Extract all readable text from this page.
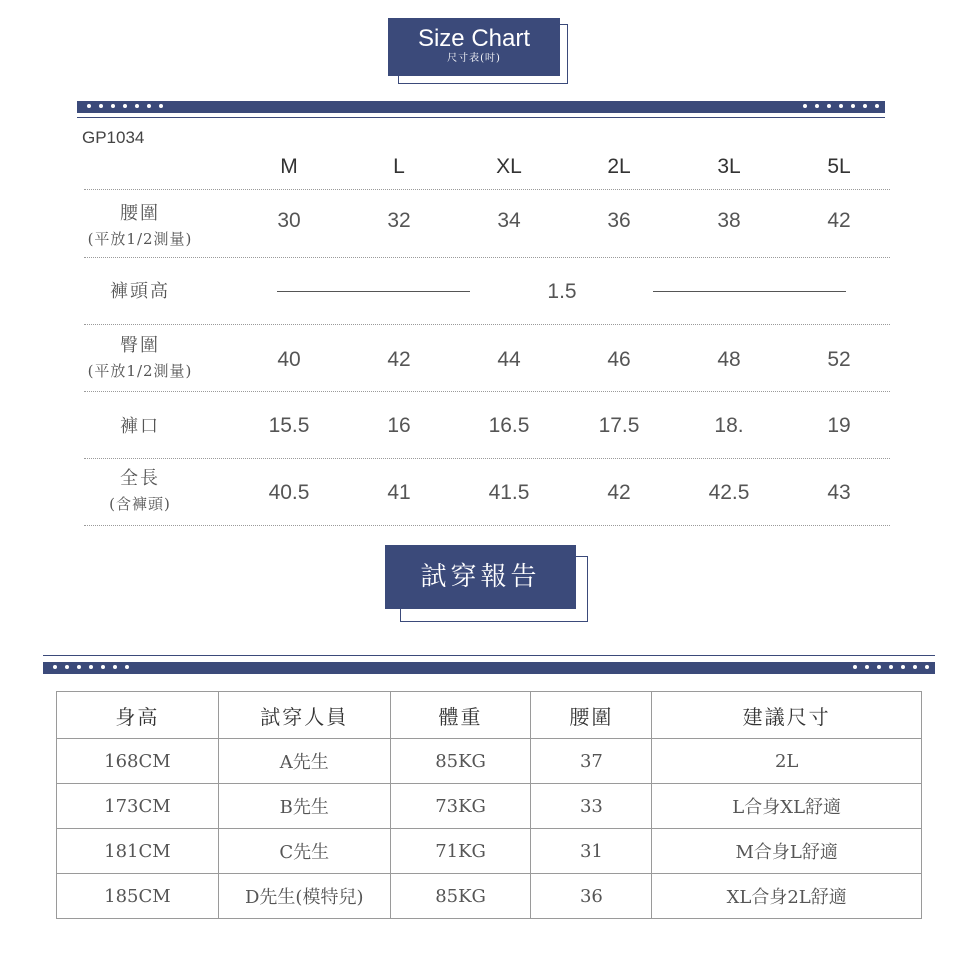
Size Chart
尺寸表(吋)
GP1034
M	L	XL	2L	3L	5L
腰圍
(平放1/2測量)
30	32	34	36	38	42
褲頭高	1.5
臀圍
(平放1/2測量)	40	42	44	46	48	52
褲口	15.5	16	16.5	17.5	18.	19
全長
(含褲頭)	40.5	41	41.5	42	42.5	43
試穿報告
身高	試穿人員	體重	腰圍	建議尺寸
168CM	A先生	85KG	37	2L
173CM	B先生	73KG	33	L合身XL舒適
181CM	C先生	71KG	31	M合身L舒適
185CM	D先生(模特兒)	85KG	36	XL合身2L舒適
